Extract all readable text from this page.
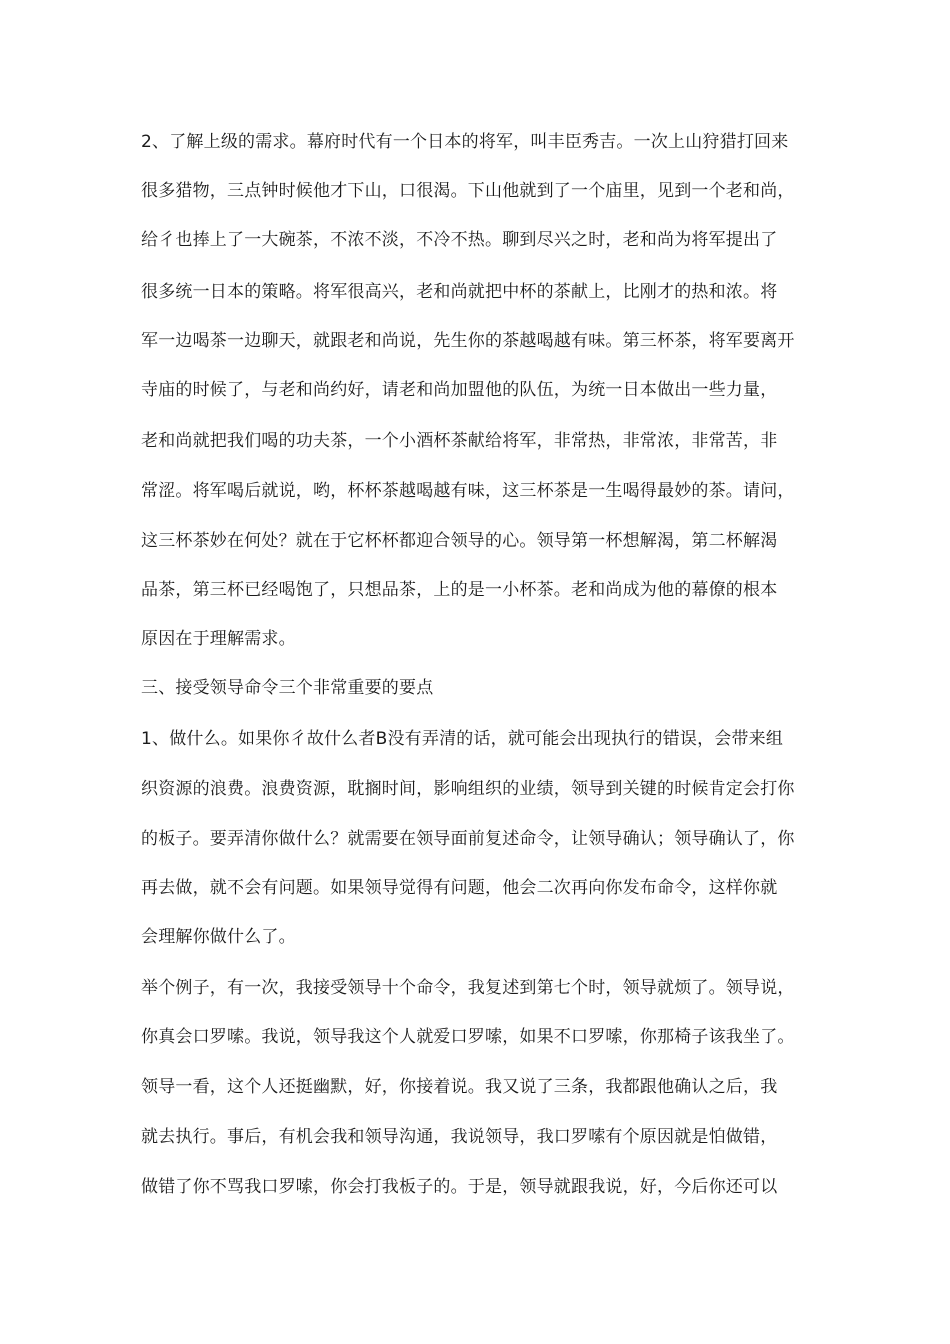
2、了解上级的需求。幕府时代有一个日本的将军，叫丰臣秀吉。一次上山狩猎打回来
很多猎物，三点钟时候他才下山，口很渴。下山他就到了一个庙里，见到一个老和尚，
给彳也捧上了一大碗茶，不浓不淡，不冷不热。聊到尽兴之时，老和尚为将军提出了
很多统一日本的策略。将军很高兴，老和尚就把中杯的茶献上，比刚才的热和浓。将
军一边喝茶一边聊天，就跟老和尚说，先生你的茶越喝越有味。第三杯茶，将军要离开
寺庙的时候了，与老和尚约好，请老和尚加盟他的队伍，为统一日本做出一些力量，
老和尚就把我们喝的功夫茶，一个小酒杯茶献给将军，非常热，非常浓，非常苦，非
常涩。将军喝后就说，哟，杯杯茶越喝越有味，这三杯茶是一生喝得最妙的茶。请问，
这三杯茶妙在何处？就在于它杯杯都迎合领导的心。领导第一杯想解渴，第二杯解渴
品茶，第三杯已经喝饱了，只想品茶，上的是一小杯茶。老和尚成为他的幕僚的根本
原因在于理解需求。
三、接受领导命令三个非常重要的要点
1、做什么。如果你彳故什么者B没有弄清的话，就可能会出现执行的错误，会带来组
织资源的浪费。浪费资源，耽搁时间，影响组织的业绩，领导到关键的时候肯定会打你
的板子。要弄清你做什么？就需要在领导面前复述命令，让领导确认；领导确认了，你
再去做，就不会有问题。如果领导觉得有问题，他会二次再向你发布命令，这样你就
会理解你做什么了。
举个例子，有一次，我接受领导十个命令，我复述到第七个时，领导就烦了。领导说，
你真会口罗嗦。我说，领导我这个人就爱口罗嗦，如果不口罗嗦，你那椅子该我坐了。
领导一看，这个人还挺幽默，好，你接着说。我又说了三条，我都跟他确认之后，我
就去执行。事后，有机会我和领导沟通，我说领导，我口罗嗦有个原因就是怕做错，
做错了你不骂我口罗嗦，你会打我板子的。于是，领导就跟我说，好，今后你还可以
